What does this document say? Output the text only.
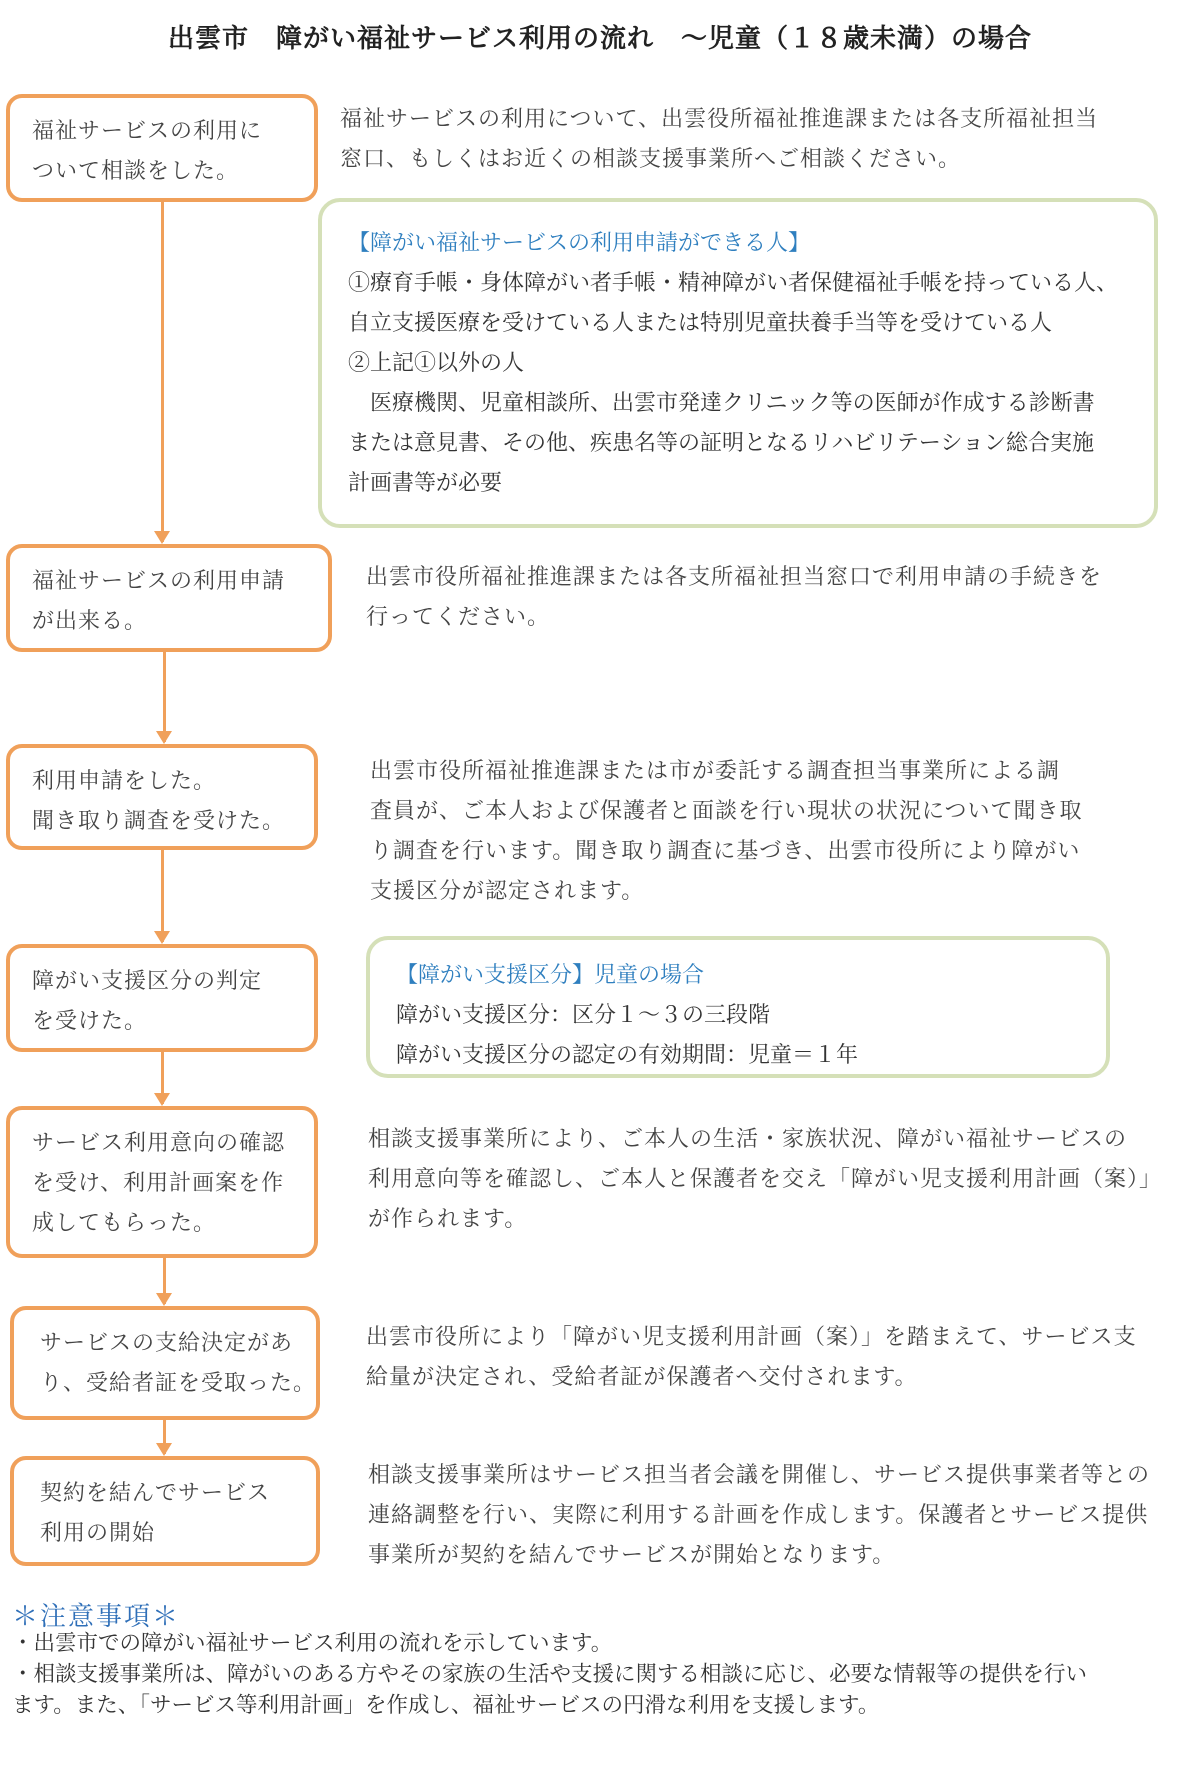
出雲市　障がい福祉サービス利用の流れ　～児童（１８歳未満）の場合
福祉サービスの利用に
ついて相談をした。
福祉サービスの利用について、出雲役所福祉推進課または各支所福祉担当
窓口、もしくはお近くの相談支援事業所へご相談ください。
【障がい福祉サービスの利用申請ができる人】
①療育手帳・身体障がい者手帳・精神障がい者保健福祉手帳を持っている人、
自立支援医療を受けている人または特別児童扶養手当等を受けている人
②上記①以外の人
　医療機関、児童相談所、出雲市発達クリニック等の医師が作成する診断書
または意見書、その他、疾患名等の証明となるリハビリテーション総合実施
計画書等が必要
福祉サービスの利用申請
が出来る。
出雲市役所福祉推進課または各支所福祉担当窓口で利用申請の手続きを
行ってください。
利用申請をした。
聞き取り調査を受けた。
出雲市役所福祉推進課または市が委託する調査担当事業所による調
査員が、ご本人および保護者と面談を行い現状の状況について聞き取
り調査を行います。聞き取り調査に基づき、出雲市役所により障がい
支援区分が認定されます。
障がい支援区分の判定
を受けた。
【障がい支援区分】児童の場合
障がい支援区分：区分１～３の三段階
障がい支援区分の認定の有効期間：児童＝１年
サービス利用意向の確認
を受け、利用計画案を作
成してもらった。
相談支援事業所により、ご本人の生活・家族状況、障がい福祉サービスの
利用意向等を確認し、ご本人と保護者を交え「障がい児支援利用計画（案）」
が作られます。
サービスの支給決定があ
り、受給者証を受取った。
出雲市役所により「障がい児支援利用計画（案）」を踏まえて、サービス支
給量が決定され、受給者証が保護者へ交付されます。
契約を結んでサービス
利用の開始
相談支援事業所はサービス担当者会議を開催し、サービス提供事業者等との
連絡調整を行い、実際に利用する計画を作成します。保護者とサービス提供
事業所が契約を結んでサービスが開始となります。
＊注意事項＊
・出雲市での障がい福祉サービス利用の流れを示しています。
・相談支援事業所は、障がいのある方やその家族の生活や支援に関する相談に応じ、必要な情報等の提供を行い
ます。また、「サービス等利用計画」を作成し、福祉サービスの円滑な利用を支援します。
